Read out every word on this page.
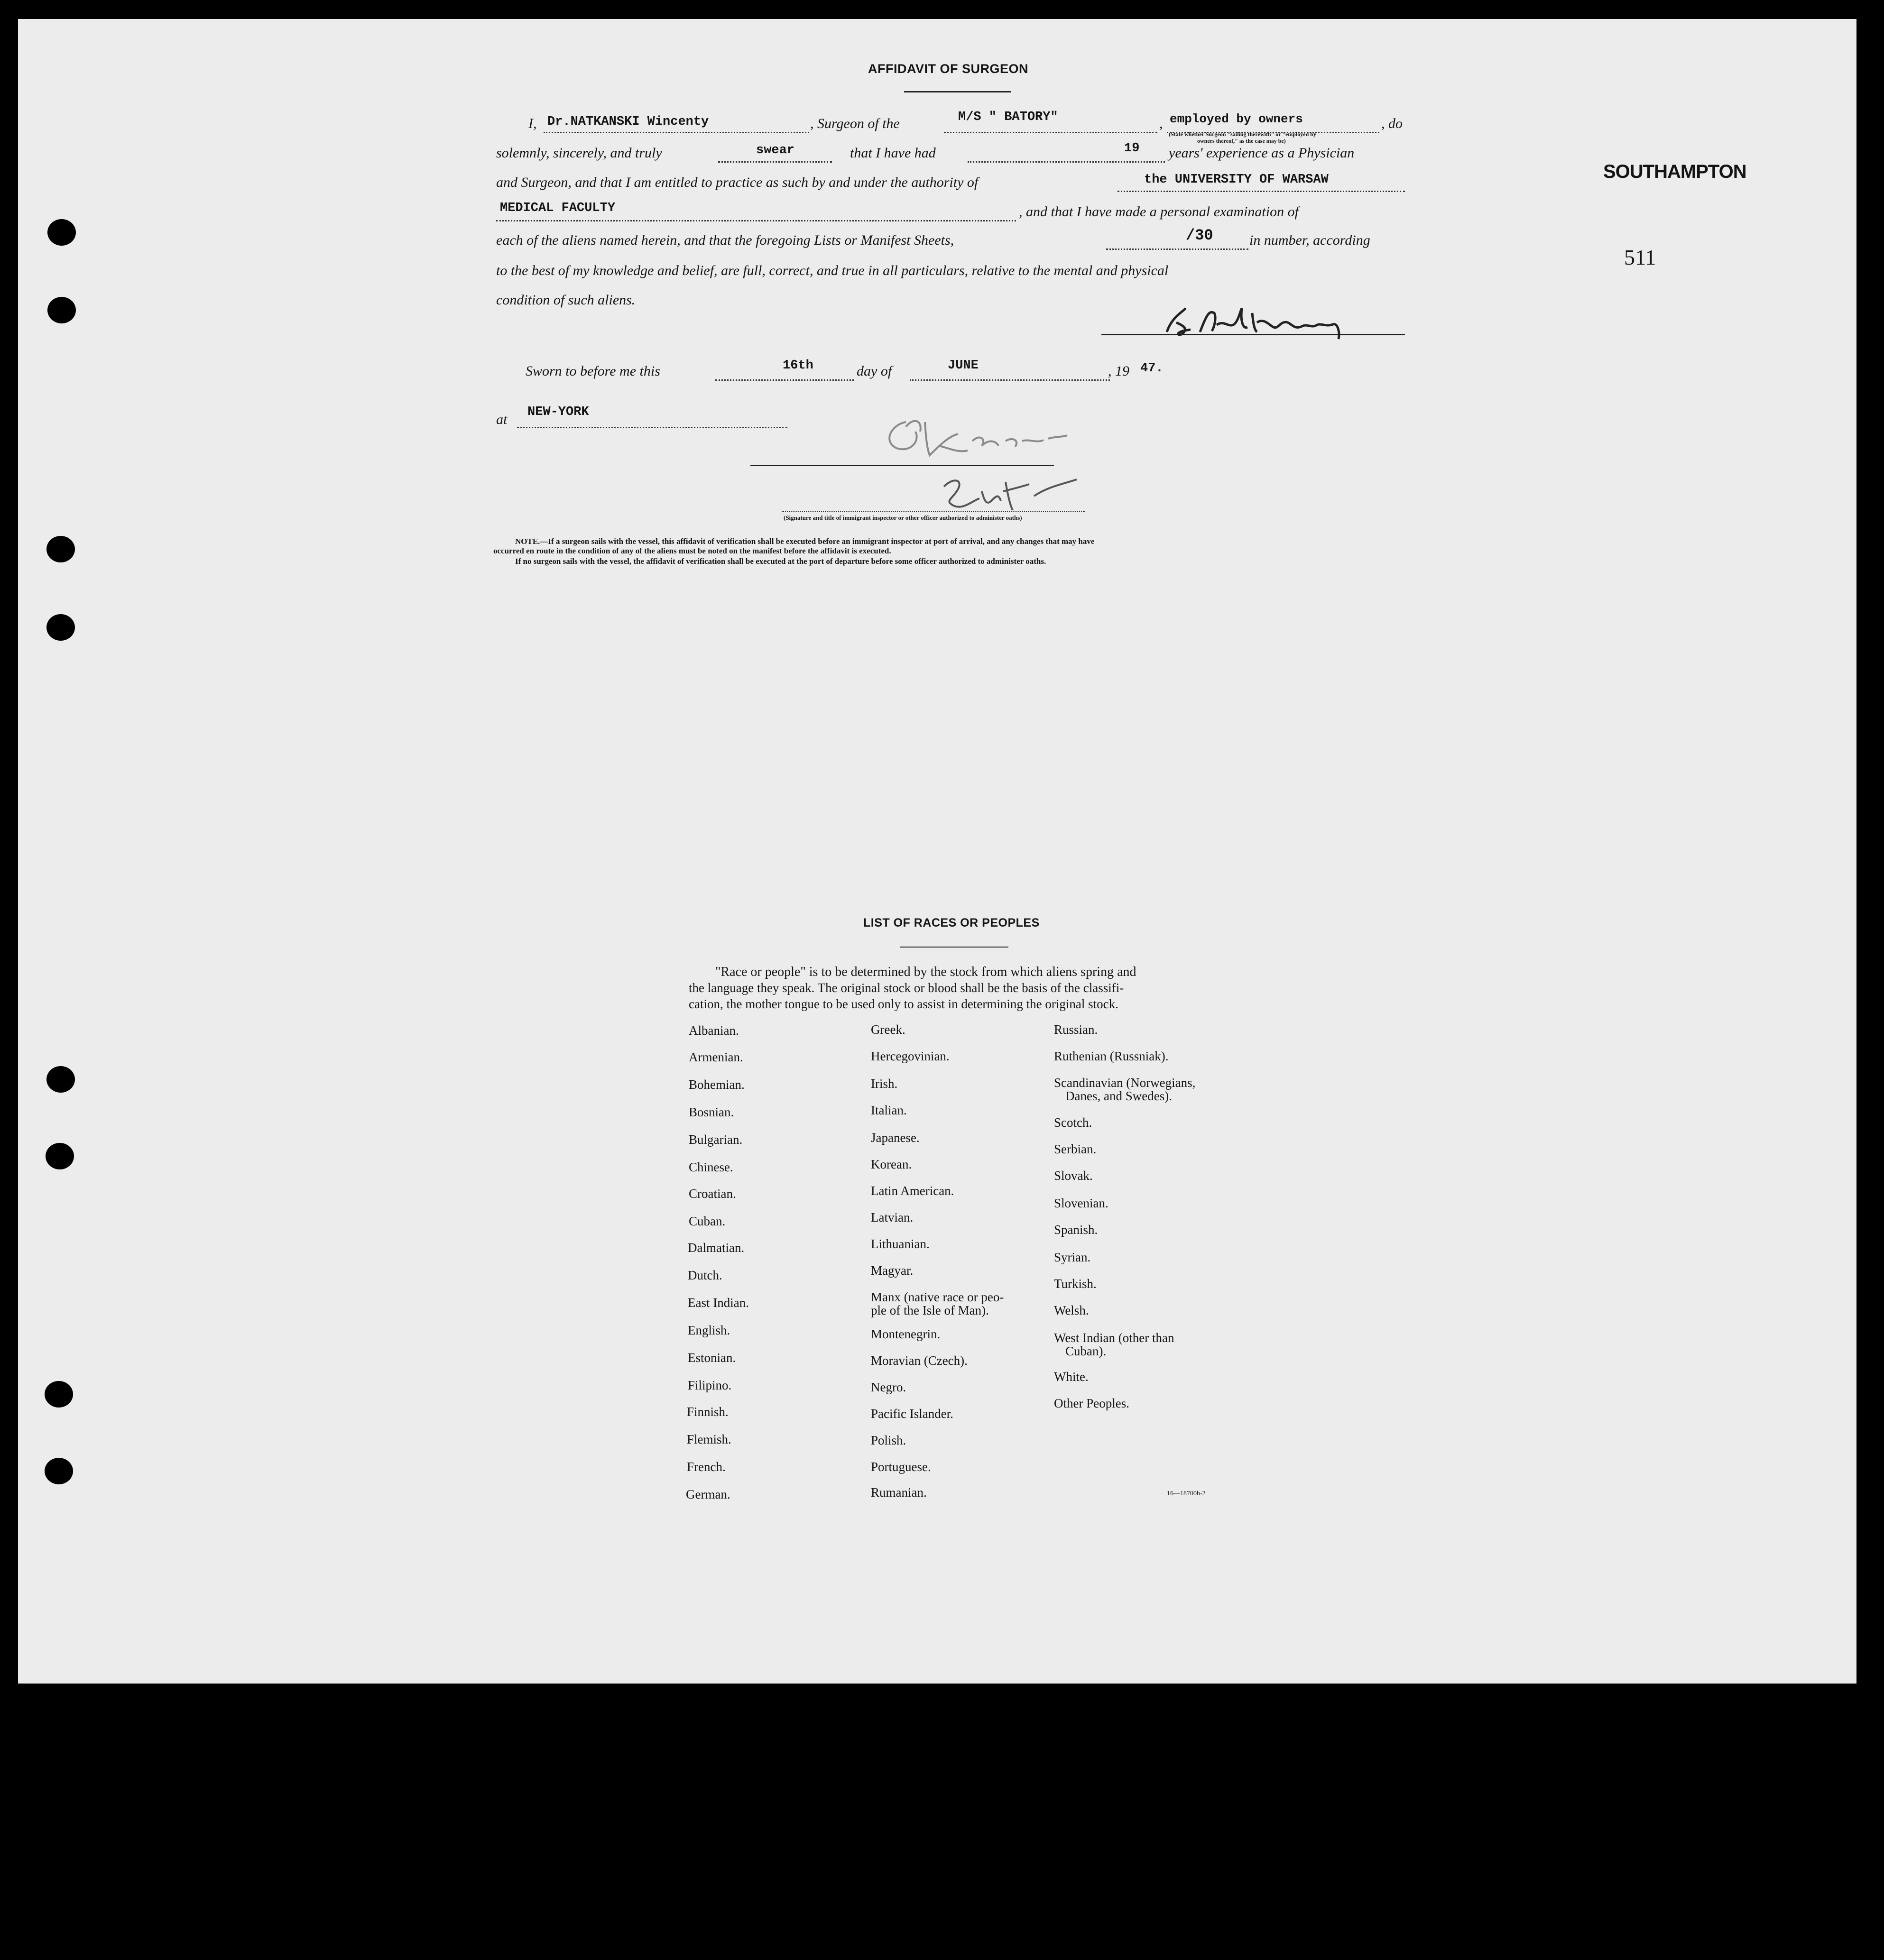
SOUTHAMPTON
511
AFFIDAVIT OF SURGEON
I, Dr.NATKANSKI Wincenty	, Surgeon of the	M/S " BATORY"	, employed by owners	, do
(State whether Surgeon "sailing therewith" or "employed by
owners thereof," as the case may be)
solemnly, sincerely, and truly	swear	that I have had	19 years' experience as a Physician
and Surgeon, and that I am entitled to practice as such by and under the authority of	the UNIVERSITY OF WARSAW
MEDICAL FACULTY	, and that I have made a personal examination of
each of the aliens named herein, and that the foregoing Lists or Manifest Sheets,	/30	in number, according
to the best of my knowledge and belief, are full, correct, and true in all particulars, relative to the mental and physical
condition of such aliens.
Sworn to before me this	16th	day of	JUNE	, 19 47.
at NEW-YORK
(Signature and title of immigrant inspector or other officer authorized to administer oaths)
NOTE.—If a surgeon sails with the vessel, this affidavit of verification shall be executed before an immigrant inspector at port of arrival, and any changes that may have
occurred en route in the condition of any of the aliens must be noted on the manifest before the affidavit is executed.
If no surgeon sails with the vessel, the affidavit of verification shall be executed at the port of departure before some officer authorized to administer oaths.
LIST OF RACES OR PEOPLES
"Race or people" is to be determined by the stock from which aliens spring and
the language they speak. The original stock or blood shall be the basis of the classifi-
cation, the mother tongue to be used only to assist in determining the original stock.
Albanian.
Armenian.
Bohemian.
Bosnian.
Bulgarian.
Chinese.
Croatian.
Cuban.
Dalmatian.
Dutch.
East Indian.
English.
Estonian.
Filipino.
Finnish.
Flemish.
French.
German.
Greek.
Hercegovinian.
Irish.
Italian.
Japanese.
Korean.
Latin American.
Latvian.
Lithuanian.
Magyar.
Manx (native race or peo-
ple of the Isle of Man).
Montenegrin.
Moravian (Czech).
Negro.
Pacific Islander.
Polish.
Portuguese.
Rumanian.
Russian.
Ruthenian (Russniak).
Scandinavian (Norwegians,
Danes, and Swedes).
Scotch.
Serbian.
Slovak.
Slovenian.
Spanish.
Syrian.
Turkish.
Welsh.
West Indian (other than
Cuban).
White.
Other Peoples.
16—18700b-2
